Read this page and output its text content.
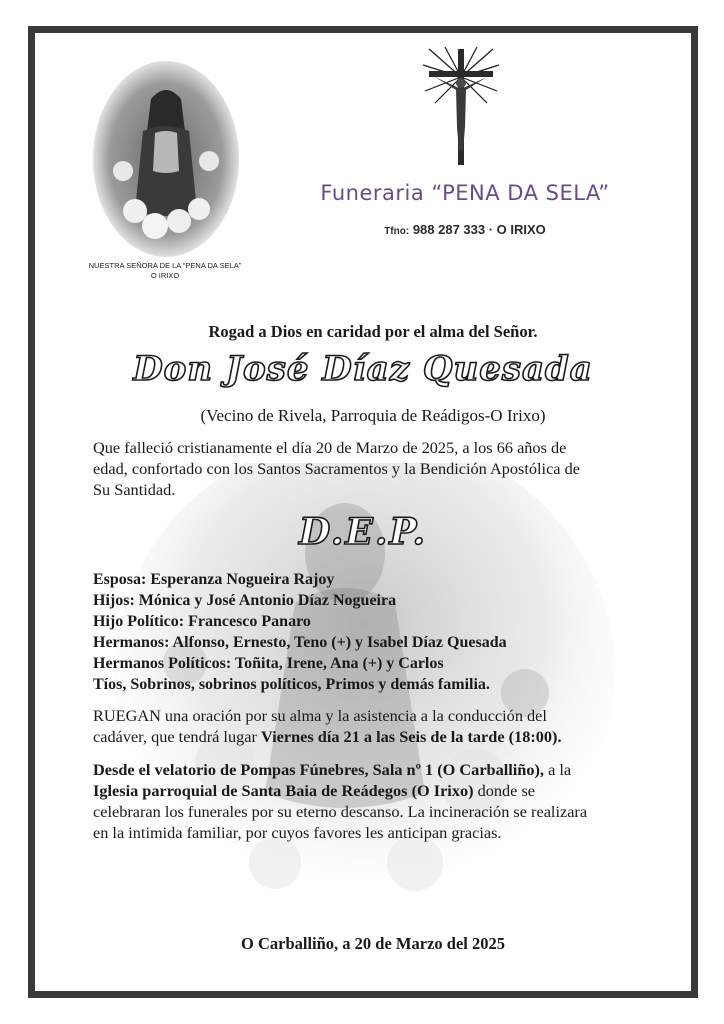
NUESTRA SEÑORA DE LA “PENA DA SELA”
O IRIXO
Funeraria “PENA DA SELA”
Tfno: 988 287 333 · O IRIXO
Rogad a Dios en caridad por el alma del Señor.
Don José Díaz Quesada
(Vecino de Rivela, Parroquia de Reádigos-O Irixo)
Que falleció cristianamente el día 20 de Marzo de 2025, a los 66 años de
edad, confortado con los Santos Sacramentos y la Bendición Apostólica de
Su Santidad.
D.E.P.
Esposa: Esperanza Nogueira Rajoy
Hijos: Mónica y José Antonio Díaz Nogueira
Hijo Político: Francesco Panaro
Hermanos: Alfonso, Ernesto, Teno (+) y Isabel Díaz Quesada
Hermanos Políticos: Toñita, Irene, Ana (+) y Carlos
Tíos, Sobrinos, sobrinos políticos, Primos y demás familia.
RUEGAN una oración por su alma y la asistencia a la conducción del
cadáver, que tendrá lugar Viernes día 21 a las Seis de la tarde (18:00).
Desde el velatorio de Pompas Fúnebres, Sala nº 1 (O Carballiño), a la
Iglesia parroquial de Santa Baia de Reádegos (O Irixo) donde se
celebraran los funerales por su eterno descanso. La incineración se realizara
en la intimida familiar, por cuyos favores les anticipan gracias.
O Carballiño, a 20 de Marzo del 2025
